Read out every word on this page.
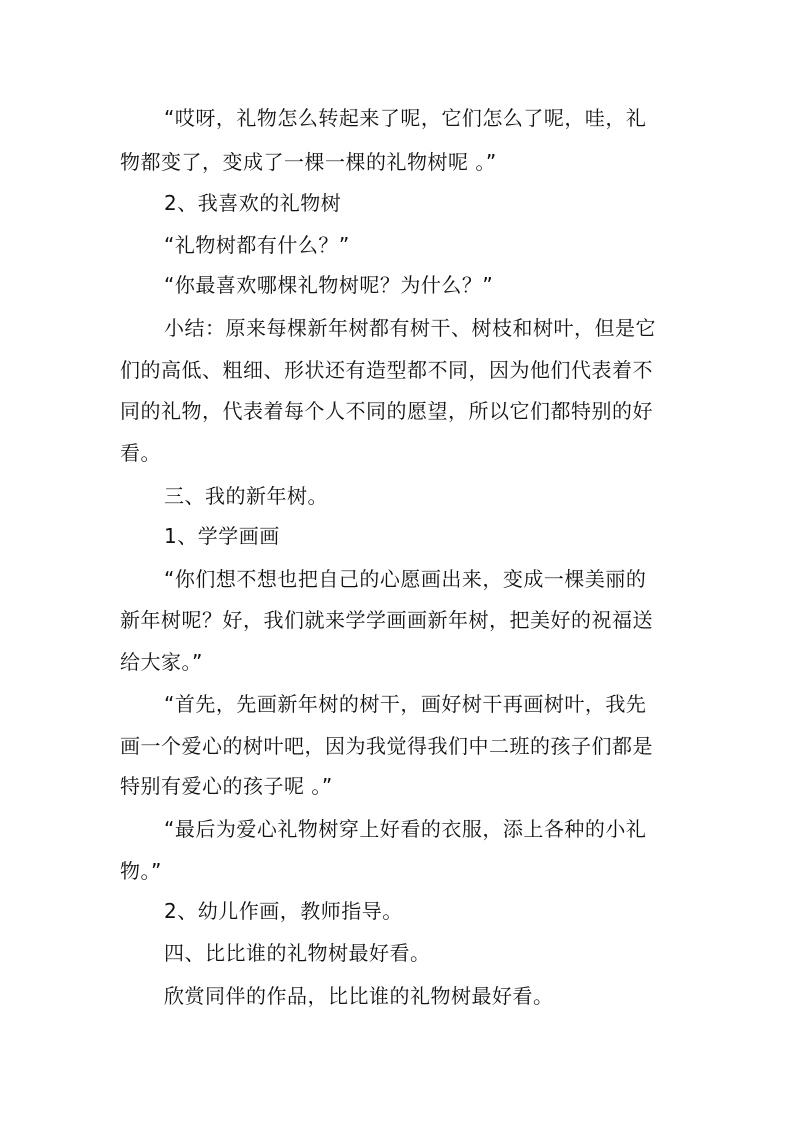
“哎呀，礼物怎么转起来了呢，它们怎么了呢，哇，礼
物都变了，变成了一棵一棵的礼物树呢 。”
2、我喜欢的礼物树
“礼物树都有什么？”
“你最喜欢哪棵礼物树呢？为什么？”
小结：原来每棵新年树都有树干、树枝和树叶，但是它
们的高低、粗细、形状还有造型都不同，因为他们代表着不
同的礼物，代表着每个人不同的愿望，所以它们都特别的好
看。
三、我的新年树。
1、学学画画
“你们想不想也把自己的心愿画出来，变成一棵美丽的
新年树呢？好，我们就来学学画画新年树，把美好的祝福送
给大家。”
“首先，先画新年树的树干，画好树干再画树叶，我先
画一个爱心的树叶吧，因为我觉得我们中二班的孩子们都是
特别有爱心的孩子呢 。”
“最后为爱心礼物树穿上好看的衣服，添上各种的小礼
物。”
2、幼儿作画，教师指导。
四、比比谁的礼物树最好看。
欣赏同伴的作品，比比谁的礼物树最好看。
